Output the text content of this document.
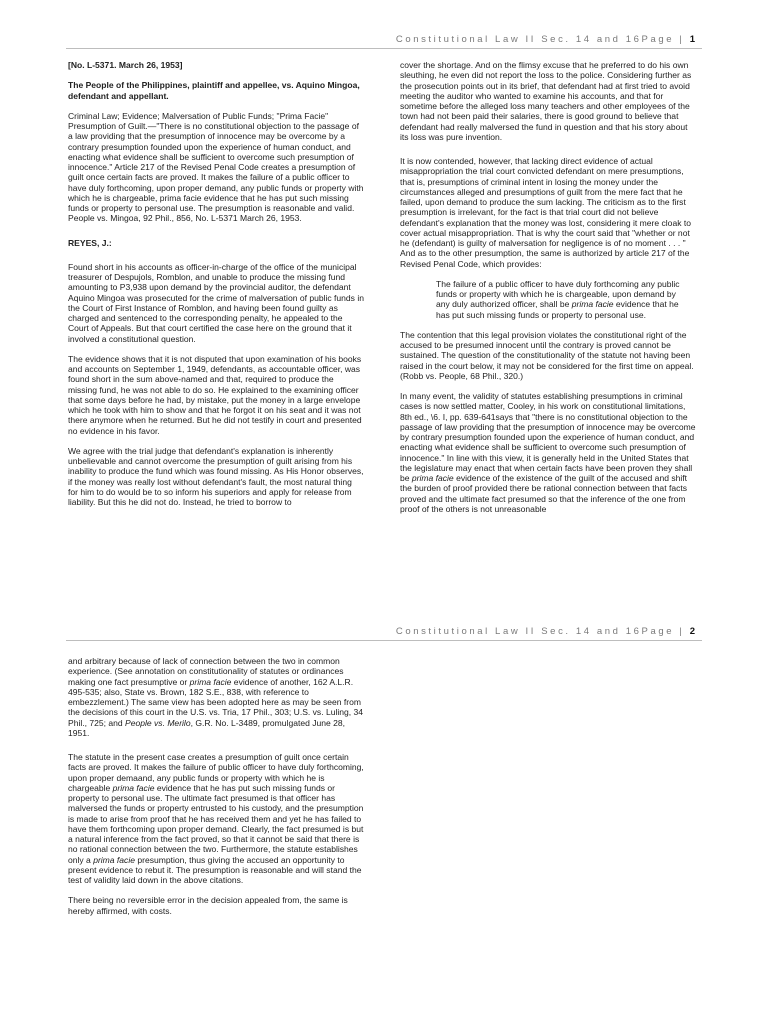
Constitutional Law II Sec. 14 and 16Page | 1

[No. L-5371. March 26, 1953]

The People of the Philippines, plaintiff and appellee, vs. Aquino Mingoa, defendant and appellant.

Criminal Law; Evidence; Malversation of Public Funds; "Prima Facie" Presumption of Guilt.—"There is no constitutional objection to the passage of a law providing that the presumption of innocence may be overcome by a contrary presumption founded upon the experience of human conduct, and enacting what evidence shall be sufficient to overcome such presumption of innocence." Article 217 of the Revised Penal Code creates a presumption of guilt once certain facts are proved. It makes the failure of a public officer to have duly forthcoming, upon proper demand, any public funds or property with which he is chargeable, prima facie evidence that he has put such missing funds or property to personal use. The presumption is reasonable and valid. People vs. Mingoa, 92 Phil., 856, No. L-5371 March 26, 1953.

REYES, J.:

Found short in his accounts as officer-in-charge of the office of the municipal treasurer of Despujols, Romblon, and unable to produce the missing fund amounting to P3,938 upon demand by the provincial auditor, the defendant Aquino Mingoa was prosecuted for the crime of malversation of public funds in the Court of First Instance of Romblon, and having been found guilty as charged and sentenced to the corresponding penalty, he appealed to the Court of Appeals. But that court certified the case here on the ground that it involved a constitutional question.

The evidence shows that it is not disputed that upon examination of his books and accounts on September 1, 1949, defendants, as accountable officer, was found short in the sum above-named and that, required to produce the missing fund, he was not able to do so. He explained to the examining officer that some days before he had, by mistake, put the money in a large envelope which he took with him to show and that he forgot it on his seat and it was not there anymore when he returned. But he did not testify in court and presented no evidence in his favor.

We agree with the trial judge that defendant's explanation is inherently unbelievable and cannot overcome the presumption of guilt arising from his inability to produce the fund which was found missing. As His Honor observes, if the money was really lost without defendant's fault, the most natural thing for him to do would be to so inform his superiors and apply for release from liability. But this he did not do. Instead, he tried to borrow to

cover the shortage. And on the flimsy excuse that he preferred to do his own sleuthing, he even did not report the loss to the police. Considering further as the prosecution points out in its brief, that defendant had at first tried to avoid meeting the auditor who wanted to examine his accounts, and that for sometime before the alleged loss many teachers and other employees of the town had not been paid their salaries, there is good ground to believe that defendant had really malversed the fund in question and that his story about its loss was pure invention.

It is now contended, however, that lacking direct evidence of actual misappropriation the trial court convicted defendant on mere presumptions, that is, presumptions of criminal intent in losing the money under the circumstances alleged and presumptions of guilt from the mere fact that he failed, upon demand to produce the sum lacking. The criticism as to the first presumption is irrelevant, for the fact is that trial court did not believe defendant's explanation that the money was lost, considering it mere cloak to cover actual misappropriation. That is why the court said that "whether or not he (defendant) is guilty of malversation for negligence is of no moment . . . " And as to the other presumption, the same is authorized by article 217 of the Revised Penal Code, which provides:

The failure of a public officer to have duly forthcoming any public funds or property with which he is chargeable, upon demand by any duly authorized officer, shall be prima facie evidence that he has put such missing funds or property to personal use.

The contention that this legal provision violates the constitutional right of the accused to be presumed innocent until the contrary is proved cannot be sustained. The question of the constitutionality of the statute not having been raised in the court below, it may not be considered for the first time on appeal. (Robb vs. People, 68 Phil., 320.)

In many event, the validity of statutes establishing presumptions in criminal cases is now settled matter, Cooley, in his work on constitutional limitations, 8th ed., \6. I, pp. 639-641says that "there is no constitutional objection to the passage of law providing that the presumption of innocence may be overcome by contrary presumption founded upon the experience of human conduct, and enacting what evidence shall be sufficient to overcome such presumption of innocence." In line with this view, it is generally held in the United States that the legislature may enact that when certain facts have been proven they shall be prima facie evidence of the existence of the guilt of the accused and shift the burden of proof provided there be rational connection between that facts proved and the ultimate fact presumed so that the inference of the one from proof of the others is not unreasonable

Constitutional Law II Sec. 14 and 16Page | 2

and arbitrary because of lack of connection between the two in common experience. (See annotation on constitutionality of statutes or ordinances making one fact presumptive or prima facie evidence of another, 162 A.L.R. 495-535; also, State vs. Brown, 182 S.E., 838, with reference to embezzlement.) The same view has been adopted here as may be seen from the decisions of this court in the U.S. vs. Tria, 17 Phil., 303; U.S. vs. Luling, 34 Phil., 725; and People vs. Merilo, G.R. No. L-3489, promulgated June 28, 1951.

The statute in the present case creates a presumption of guilt once certain facts are proved. It makes the failure of public officer to have duly forthcoming, upon proper demaand, any public funds or property with which he is chargeable prima facie evidence that he has put such missing funds or property to personal use. The ultimate fact presumed is that officer has malversed the funds or property entrusted to his custody, and the presumption is made to arise from proof that he has received them and yet he has failed to have them forthcoming upon proper demand. Clearly, the fact presumed is but a natural inference from the fact proved, so that it cannot be said that there is no rational connection between the two. Furthermore, the statute establishes only a prima facie presumption, thus giving the accused an opportunity to present evidence to rebut it. The presumption is reasonable and will stand the test of validity laid down in the above citations.

There being no reversible error in the decision appealed from, the same is hereby affirmed, with costs.
